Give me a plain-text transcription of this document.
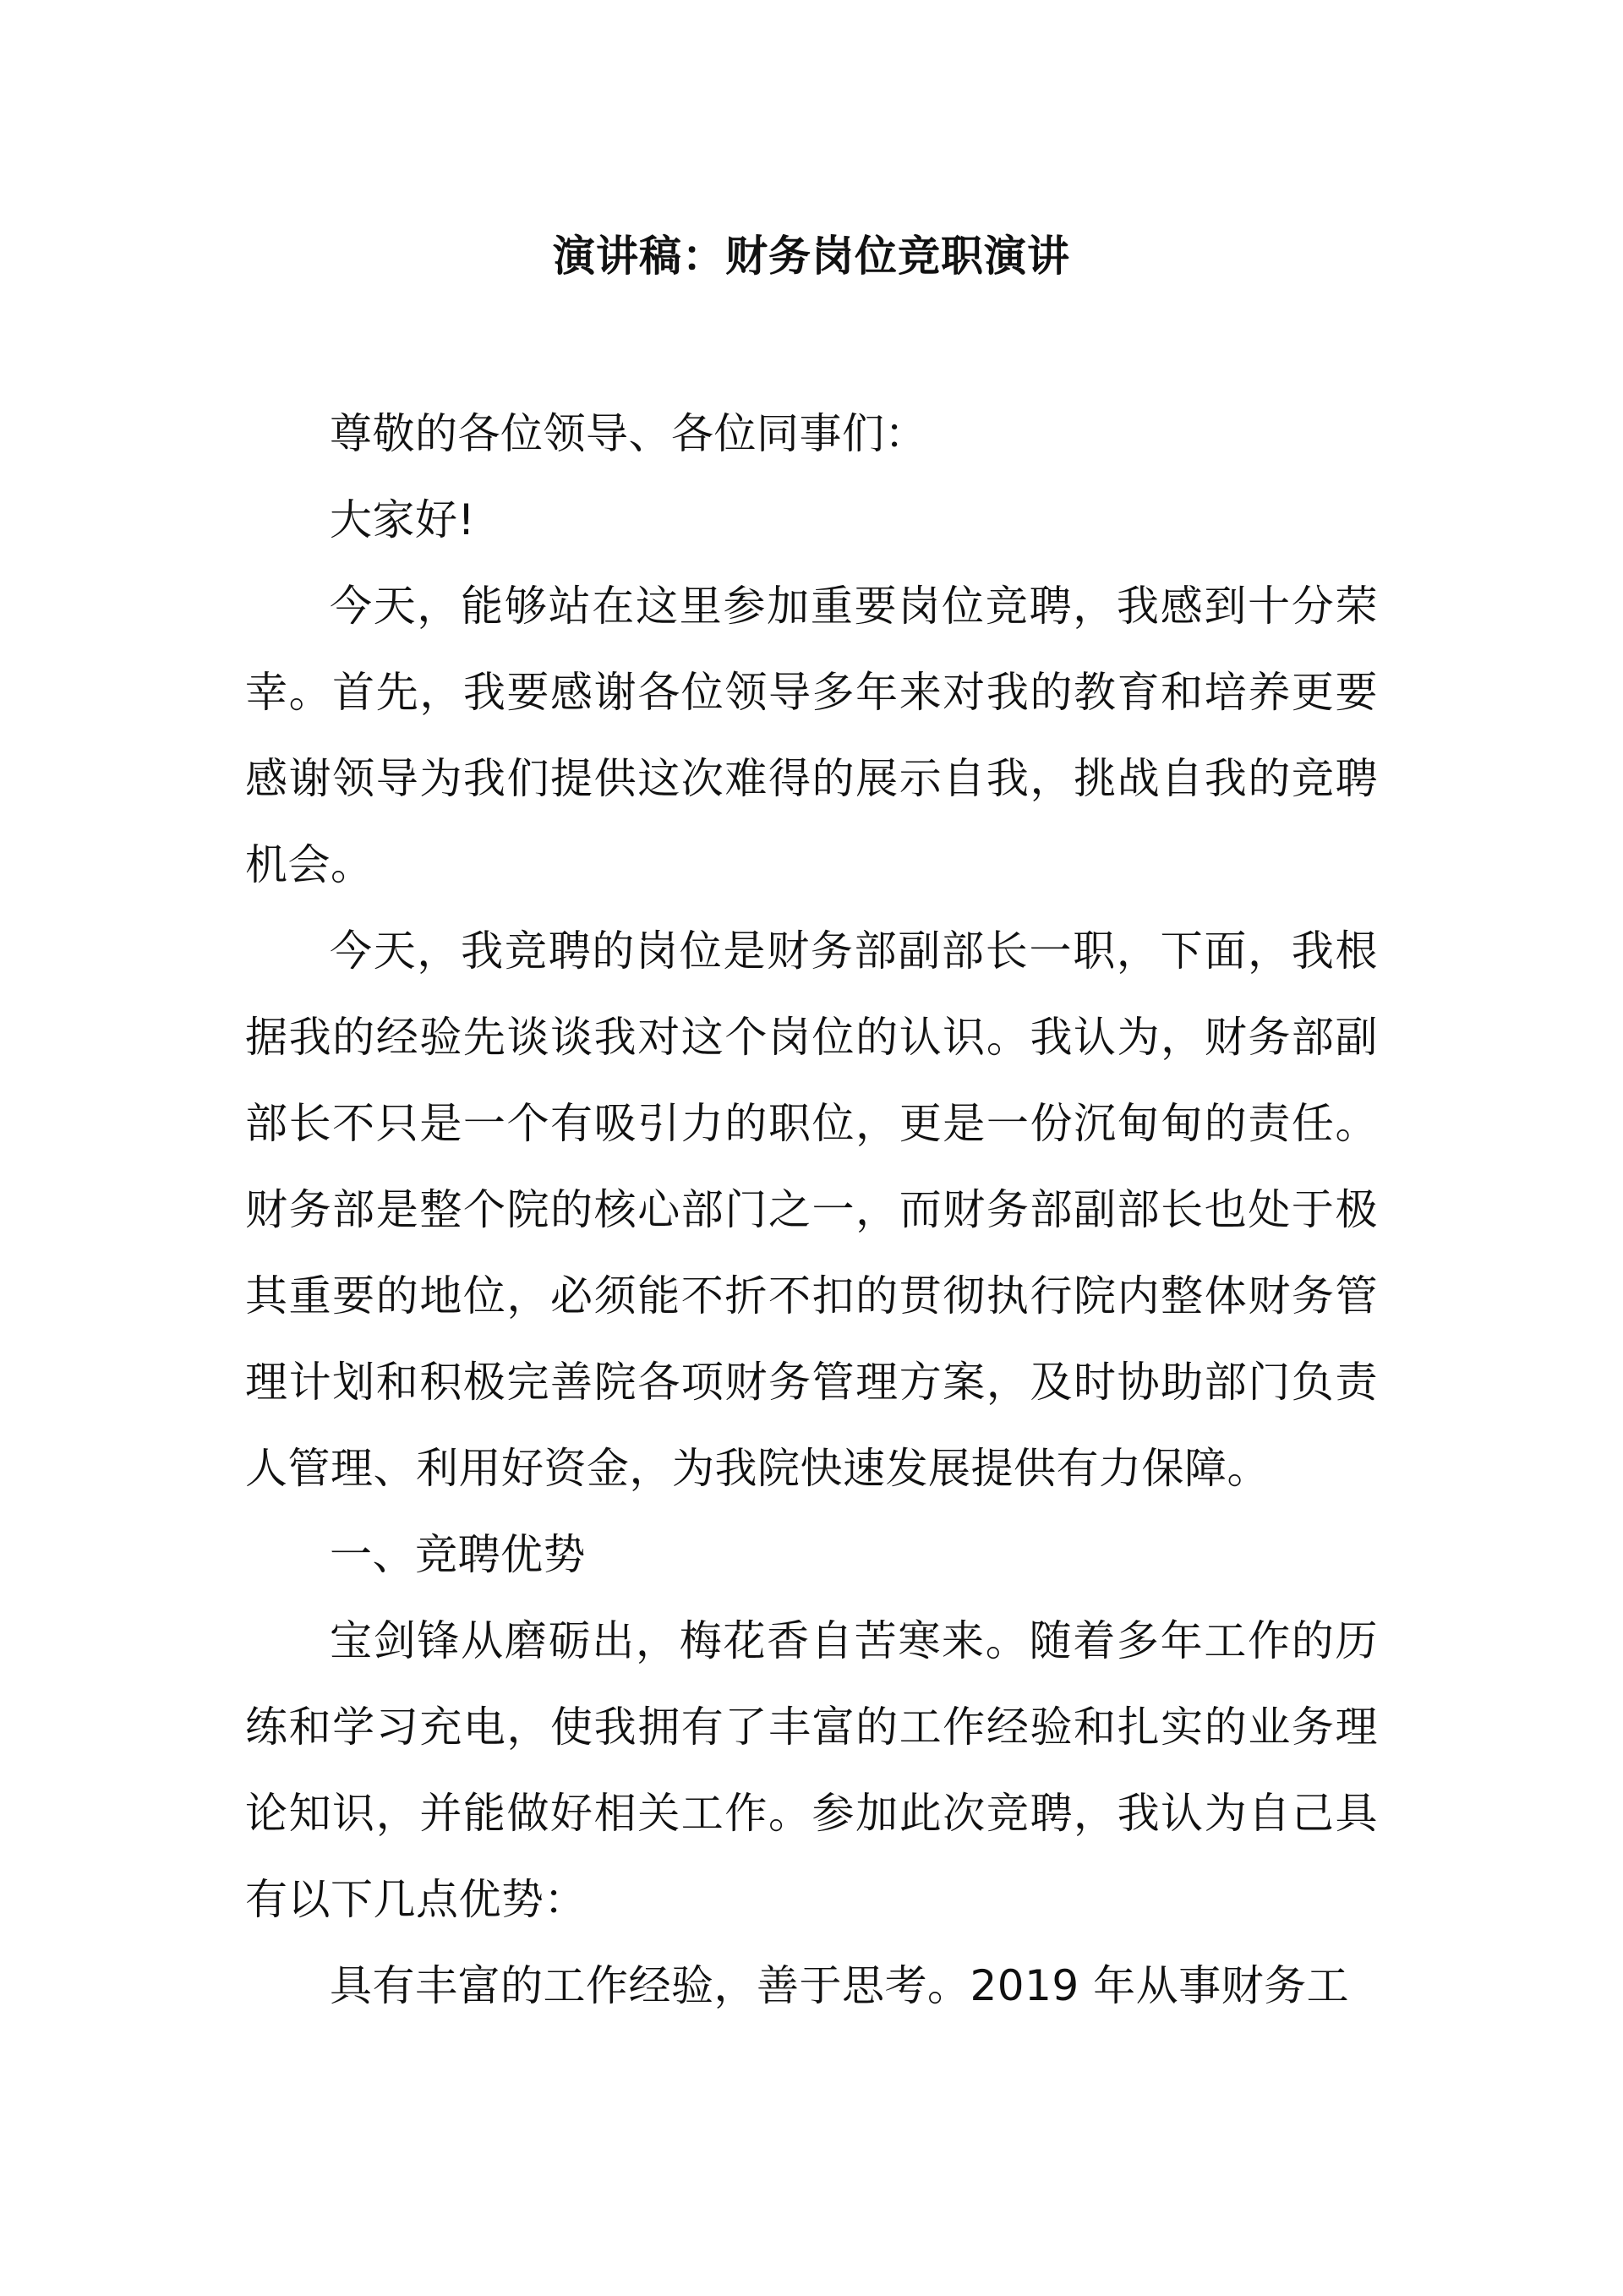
演讲稿：财务岗位竞职演讲

尊敬的各位领导、各位同事们：

大家好!

今天，能够站在这里参加重要岗位竞聘，我感到十分荣幸。首先，我要感谢各位领导多年来对我的教育和培养更要感谢领导为我们提供这次难得的展示自我，挑战自我的竞聘机会。

今天，我竞聘的岗位是财务部副部长一职，下面，我根据我的经验先谈谈我对这个岗位的认识。我认为，财务部副部长不只是一个有吸引力的职位，更是一份沉甸甸的责任。财务部是整个院的核心部门之一，而财务部副部长也处于极其重要的地位，必须能不折不扣的贯彻执行院内整体财务管理计划和积极完善院各项财务管理方案，及时协助部门负责人管理、利用好资金，为我院快速发展提供有力保障。

一、竞聘优势

宝剑锋从磨砺出，梅花香自苦寒来。随着多年工作的历练和学习充电，使我拥有了丰富的工作经验和扎实的业务理论知识，并能做好相关工作。参加此次竞聘，我认为自己具有以下几点优势：

具有丰富的工作经验，善于思考。2019 年从事财务工
